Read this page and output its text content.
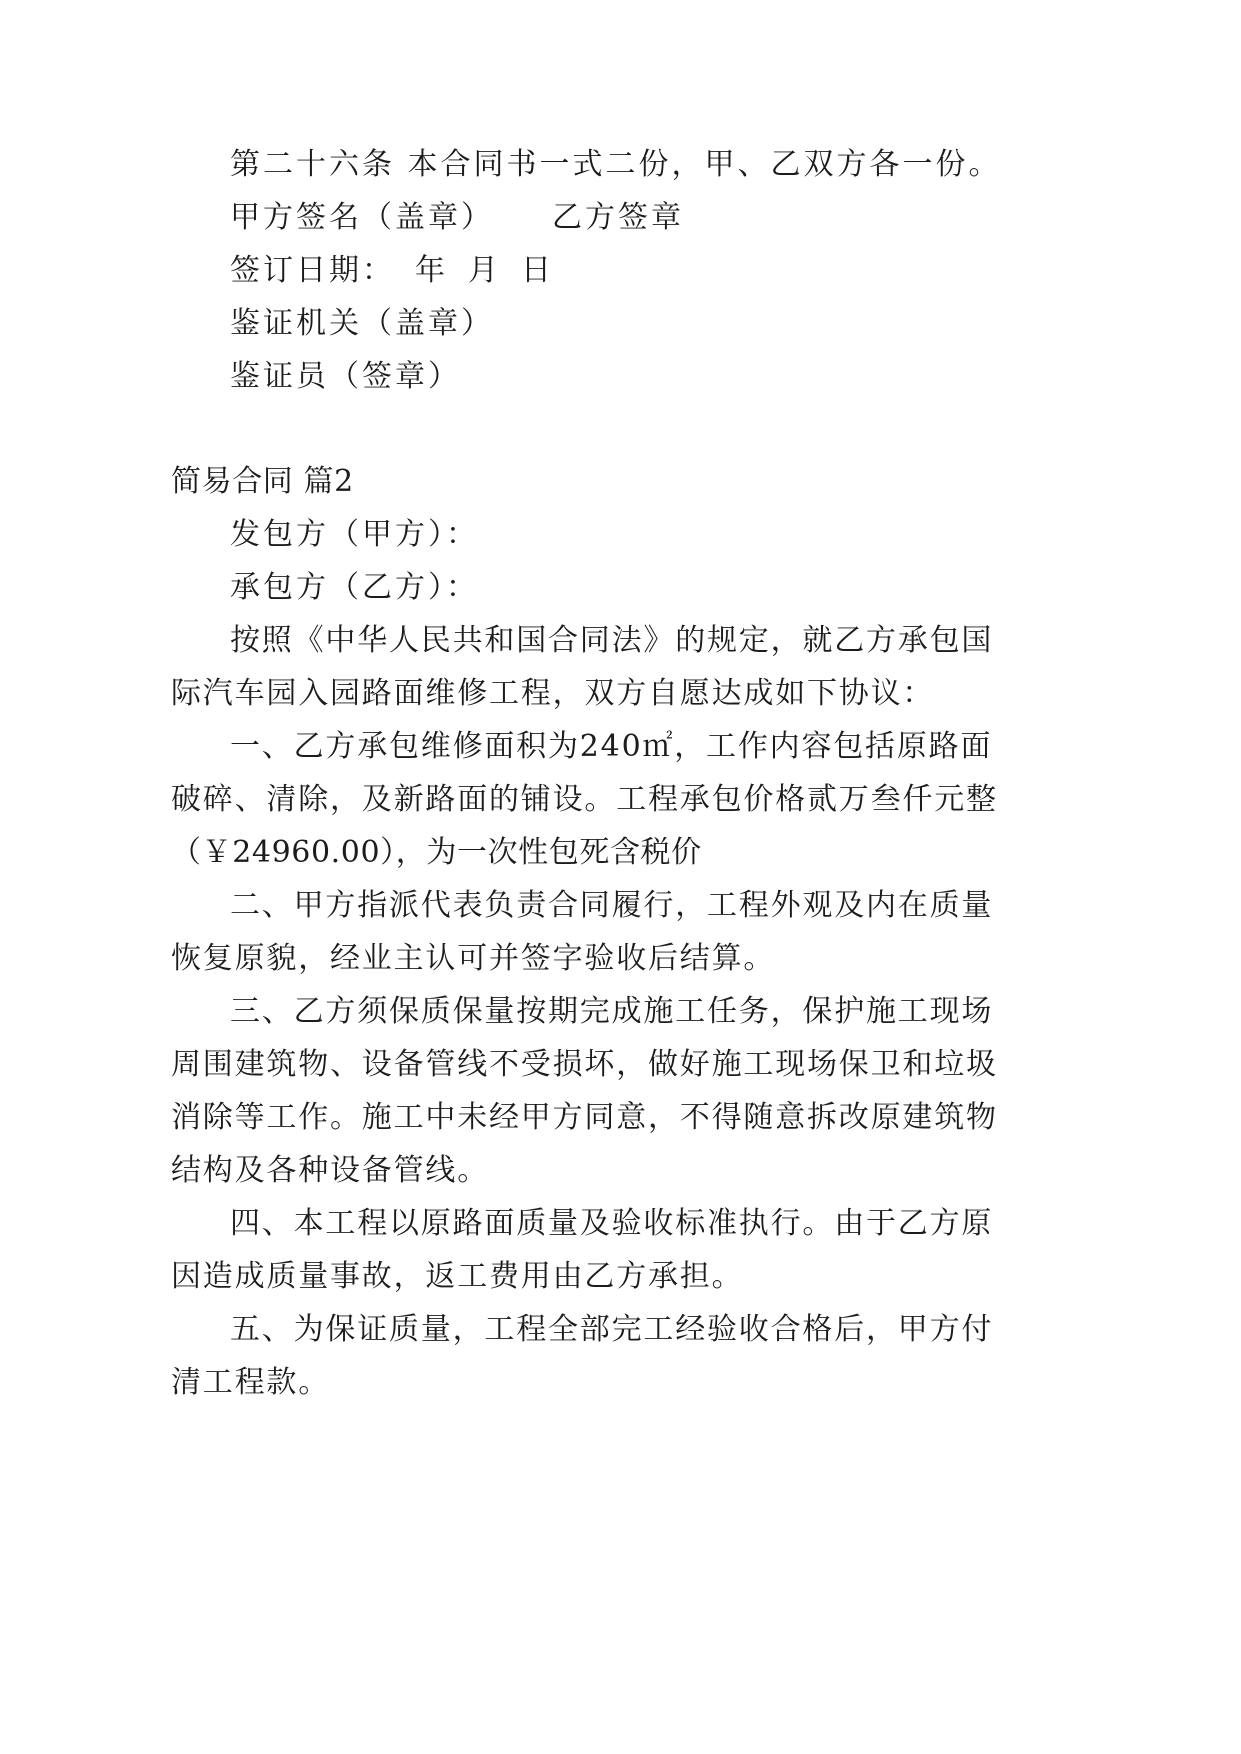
第二十六条 本合同书一式二份，甲、乙双方各一份。
甲方签名（盖章） 乙方签章
签订日期： 年 月 日
鉴证机关（盖章）
鉴证员（签章）
简易合同 篇2
发包方（甲方）：
承包方（乙方）：
按照《中华人民共和国合同法》的规定，就乙方承包国
际汽车园入园路面维修工程，双方自愿达成如下协议：
一、乙方承包维修面积为240㎡，工作内容包括原路面
破碎、清除，及新路面的铺设。工程承包价格贰万叁仟元整
（￥24960.00），为一次性包死含税价
二、甲方指派代表负责合同履行，工程外观及内在质量
恢复原貌，经业主认可并签字验收后结算。
三、乙方须保质保量按期完成施工任务，保护施工现场
周围建筑物、设备管线不受损坏，做好施工现场保卫和垃圾
消除等工作。施工中未经甲方同意，不得随意拆改原建筑物
结构及各种设备管线。
四、本工程以原路面质量及验收标准执行。由于乙方原
因造成质量事故，返工费用由乙方承担。
五、为保证质量，工程全部完工经验收合格后，甲方付
清工程款。
